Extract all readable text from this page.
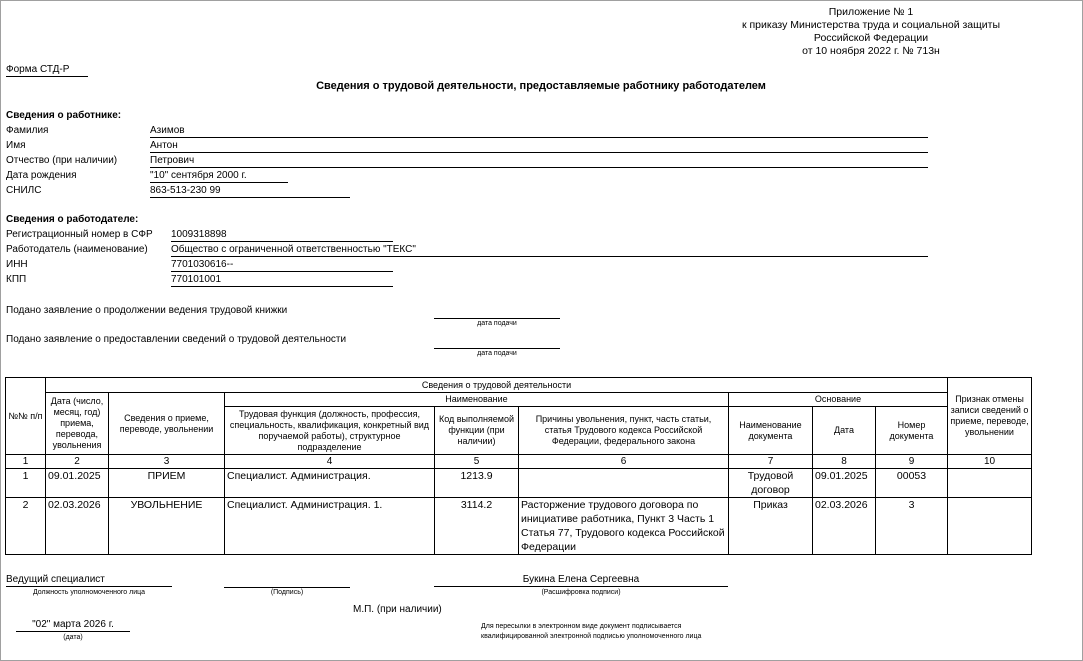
Приложение № 1
к приказу Министерства труда и социальной защиты
Российской Федерации
от 10 ноября 2022 г. № 713н
Форма СТД-Р
Сведения о трудовой деятельности, предоставляемые работнику работодателем
Сведения о работнике:
Фамилия	Азимов
Имя	Антон
Отчество (при наличии)	Петрович
Дата рождения	"10" сентября 2000 г.
СНИЛС	863-513-230 99
Сведения о работодателе:
Регистрационный номер в СФР 1009318898
Работодатель (наименование) Общество с ограниченной ответственностью "ТЕКС"
ИНН	7701030616--
КПП	770101001
Подано заявление о продолжении ведения трудовой книжки
дата подачи
Подано заявление о предоставлении сведений о трудовой деятельности
дата подачи
№№ п/п	Сведения о трудовой деятельности								Признак отмены записи сведений о приеме, переводе, увольнении
	Дата (число, месяц, год) приема, перевода, увольнения	Сведения о приеме, переводе, увольнении	Наименование			Основание			
			Трудовая функция (должность, профессия, специальность, квалификация, конкретный вид поручаемой работы), структурное подразделение	Код выполняемой функции (при наличии)	Причины увольнения, пункт, часть статьи, статья Трудового кодекса Российской Федерации, федерального закона	Наименование документа	Дата	Номер документа	
1	2	3	4	5	6	7	8	9	10
1	09.01.2025	ПРИЕМ	Специалист. Администрация.	1213.9		Трудовой договор	09.01.2025	00053	
2	02.03.2026	УВОЛЬНЕНИЕ	Специалист. Администрация. 1.	3114.2	Расторжение трудового договора по инициативе работника, Пункт 3 Часть 1 Статья 77, Трудового кодекса Российской Федерации	Приказ	02.03.2026	3	
Ведущий специалист
Должность уполномоченного лица	(Подпись)
Букина Елена Сергеевна
(Расшифровка подписи)
М.П. (при наличии)
"02" марта 2026 г.
(дата)
Для пересылки в электронном виде документ подписывается
квалифицированной электронной подписью уполномоченного лица
